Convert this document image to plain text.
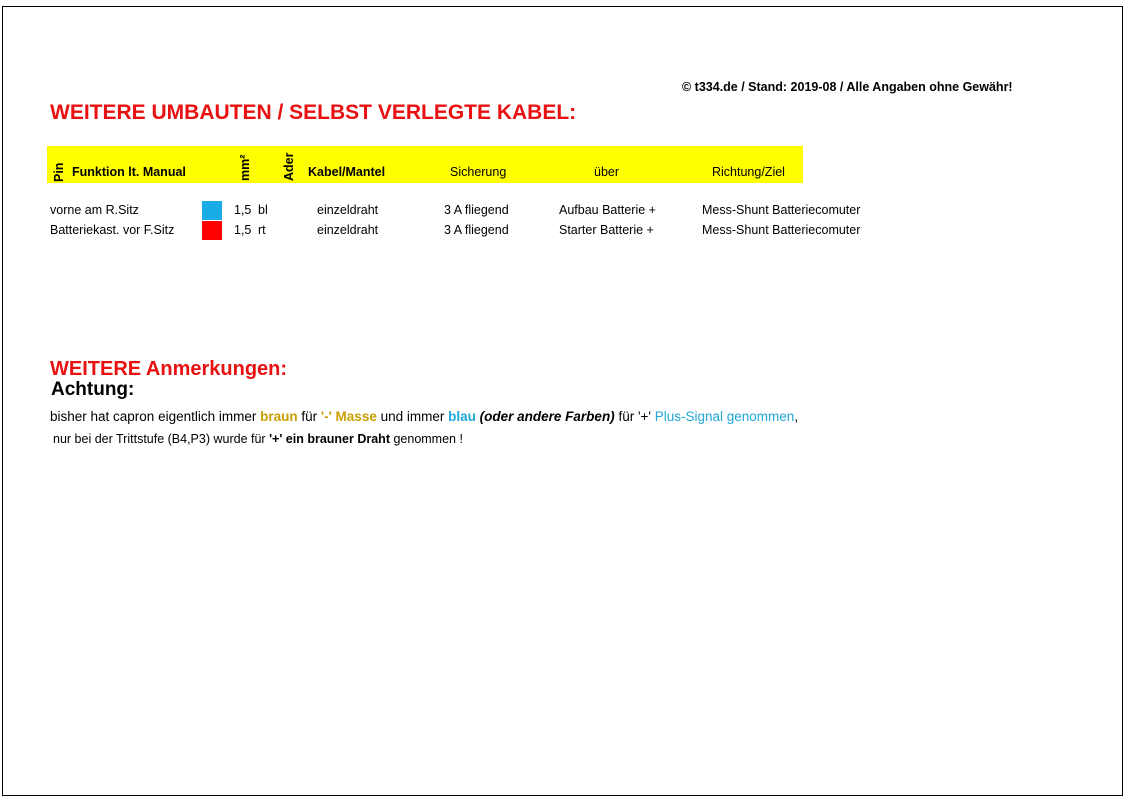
© t334.de / Stand: 2019-08 / Alle Angaben ohne Gewähr!
WEITERE UMBAUTEN / SELBST VERLEGTE KABEL:
Pin Funktion lt. Manual	mm² Ader Kabel/Mantel	Sicherung	über	Richtung/Ziel
vorne am R.Sitz	1,5 bl	einzeldraht	3 A fliegend	Aufbau Batterie +	Mess-Shunt Batteriecomuter
Batteriekast. vor F.Sitz	1,5 rt	einzeldraht	3 A fliegend	Starter Batterie +	Mess-Shunt Batteriecomuter
WEITERE Anmerkungen:
Achtung:
bisher hat capron eigentlich immer braun für '-' Masse und immer blau (oder andere Farben) für '+' Plus-Signal genommen,
nur bei der Trittstufe (B4,P3) wurde für '+' ein brauner Draht genommen !
